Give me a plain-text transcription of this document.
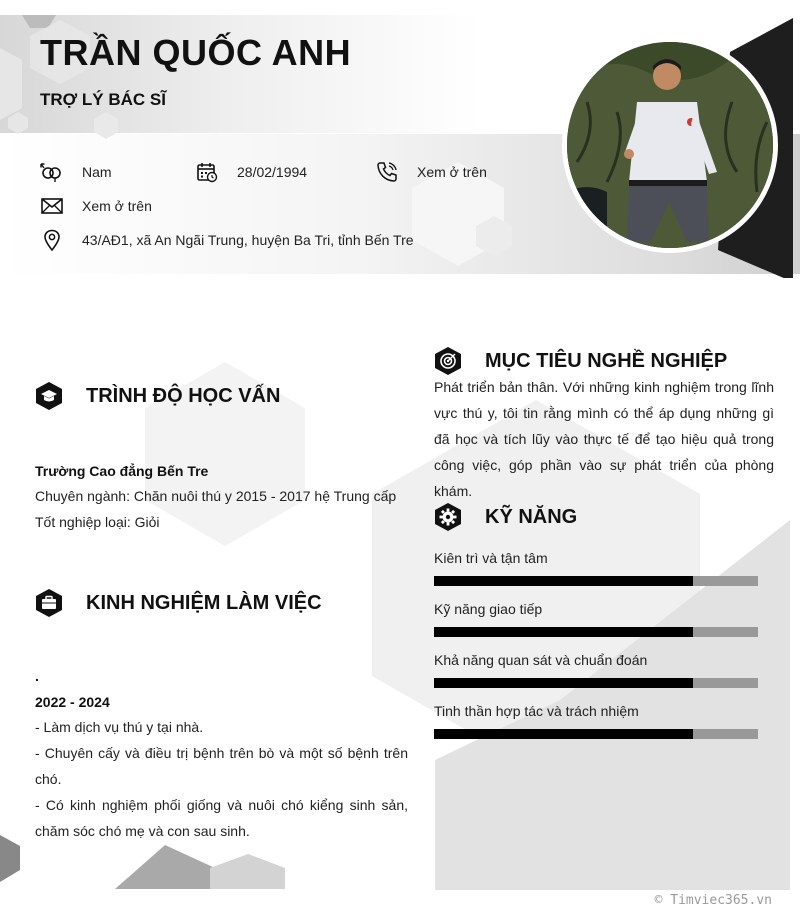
TRẦN QUỐC ANH
TRỢ LÝ BÁC SĨ
Nam	28/02/1994	Xem ở trên
Xem ở trên
43/AĐ1, xã An Ngãi Trung, huyện Ba Tri, tỉnh Bến Tre
TRÌNH ĐỘ HỌC VẤN
Trường Cao đẳng Bến Tre
Chuyên ngành: Chăn nuôi thú y 2015 - 2017 hệ Trung cấp
Tốt nghiệp loại: Giỏi
KINH NGHIỆM LÀM VIỆC
.
2022 - 2024
- Làm dịch vụ thú y tại nhà.
- Chuyên cấy và điều trị bệnh trên bò và một số bệnh trên chó.
- Có kinh nghiệm phối giống và nuôi chó kiểng sinh sản, chăm sóc chó mẹ và con sau sinh.
MỤC TIÊU NGHỀ NGHIỆP
Phát triển bản thân. Với những kinh nghiệm trong lĩnh vực thú y, tôi tin rằng mình có thể áp dụng những gì đã học và tích lũy vào thực tế để tạo hiệu quả trong công việc, góp phần vào sự phát triển của phòng khám.
KỸ NĂNG
Kiên trì và tận tâm
Kỹ năng giao tiếp
Khả năng quan sát và chuẩn đoán
Tinh thần hợp tác và trách nhiệm
© Timviec365.vn
